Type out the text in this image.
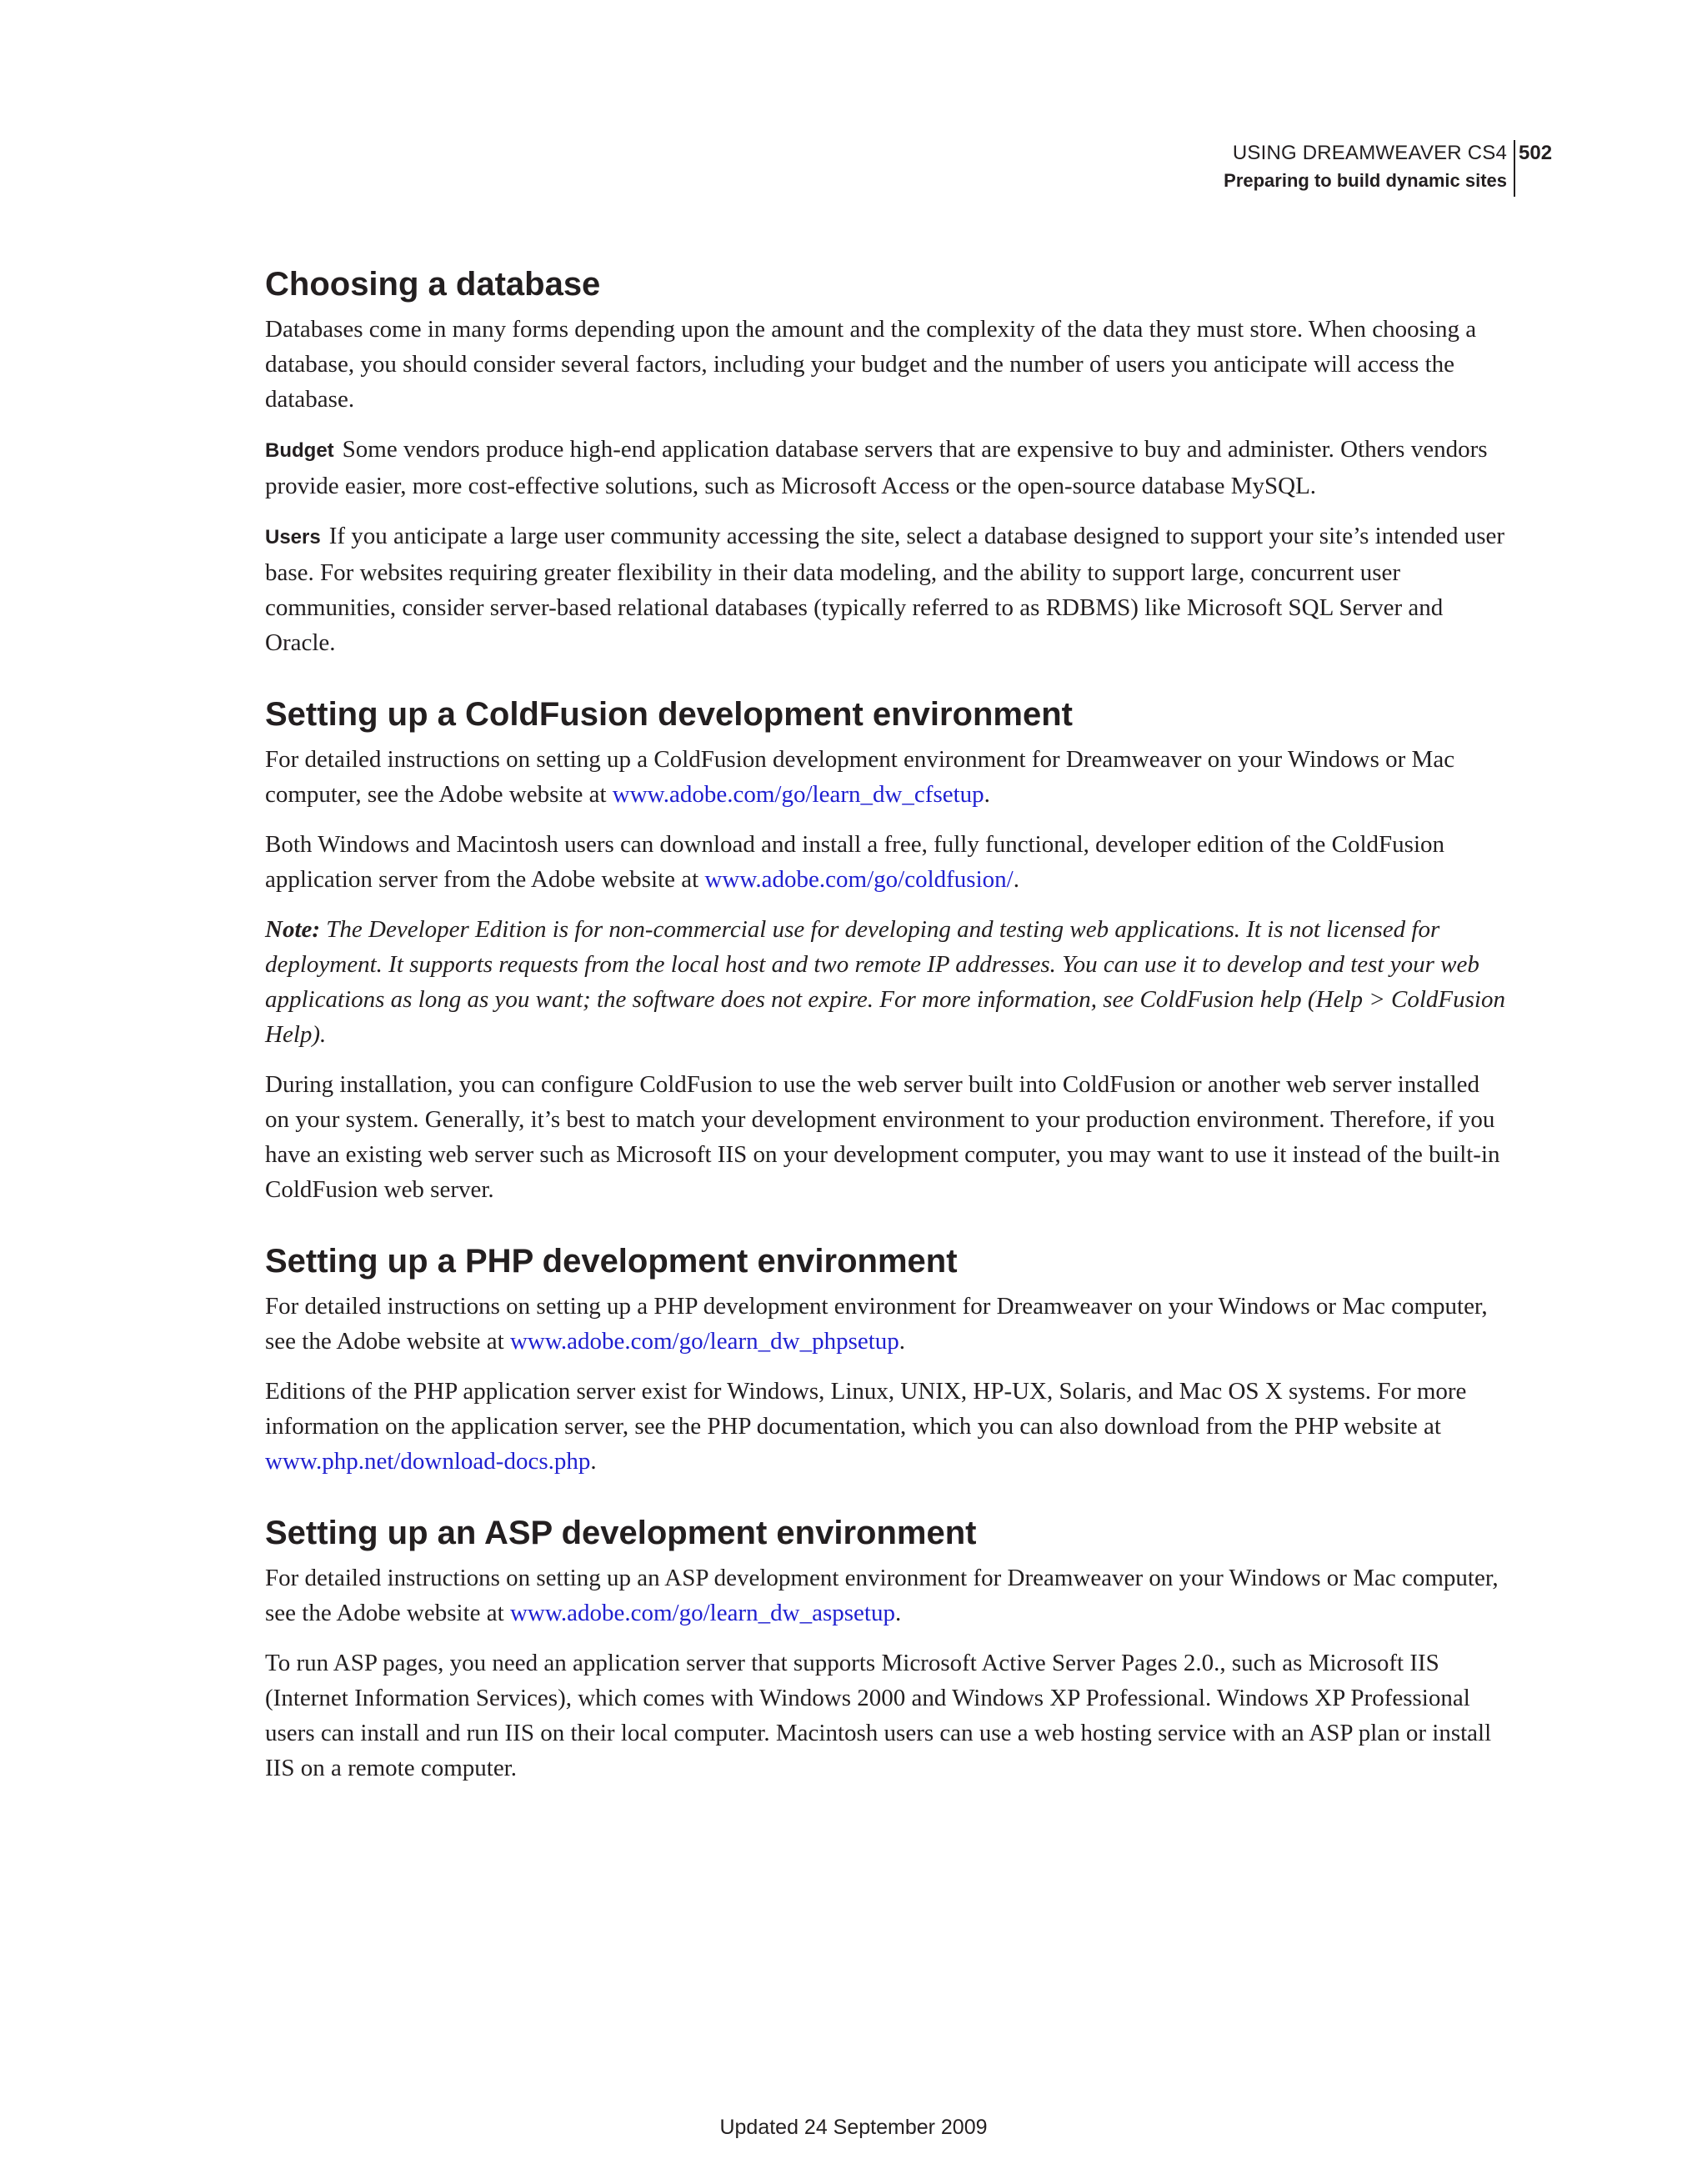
USING DREAMWEAVER CS4
Preparing to build dynamic sites
502
Choosing a database

Databases come in many forms depending upon the amount and the complexity of the data they must store. When choosing a database, you should consider several factors, including your budget and the number of users you anticipate will access the database.

Budget Some vendors produce high-end application database servers that are expensive to buy and administer. Others vendors provide easier, more cost-effective solutions, such as Microsoft Access or the open-source database MySQL.

Users If you anticipate a large user community accessing the site, select a database designed to support your site’s intended user base. For websites requiring greater flexibility in their data modeling, and the ability to support large, concurrent user communities, consider server-based relational databases (typically referred to as RDBMS) like Microsoft SQL Server and Oracle.

Setting up a ColdFusion development environment

For detailed instructions on setting up a ColdFusion development environment for Dreamweaver on your Windows or Mac computer, see the Adobe website at www.adobe.com/go/learn_dw_cfsetup.

Both Windows and Macintosh users can download and install a free, fully functional, developer edition of the ColdFusion application server from the Adobe website at www.adobe.com/go/coldfusion/.

Note: The Developer Edition is for non-commercial use for developing and testing web applications. It is not licensed for deployment. It supports requests from the local host and two remote IP addresses. You can use it to develop and test your web applications as long as you want; the software does not expire. For more information, see ColdFusion help (Help > ColdFusion Help).

During installation, you can configure ColdFusion to use the web server built into ColdFusion or another web server installed on your system. Generally, it’s best to match your development environment to your production environment. Therefore, if you have an existing web server such as Microsoft IIS on your development computer, you may want to use it instead of the built-in ColdFusion web server.

Setting up a PHP development environment

For detailed instructions on setting up a PHP development environment for Dreamweaver on your Windows or Mac computer, see the Adobe website at www.adobe.com/go/learn_dw_phpsetup.

Editions of the PHP application server exist for Windows, Linux, UNIX, HP-UX, Solaris, and Mac OS X systems. For more information on the application server, see the PHP documentation, which you can also download from the PHP website at www.php.net/download-docs.php.

Setting up an ASP development environment

For detailed instructions on setting up an ASP development environment for Dreamweaver on your Windows or Mac computer, see the Adobe website at www.adobe.com/go/learn_dw_aspsetup.

To run ASP pages, you need an application server that supports Microsoft Active Server Pages 2.0., such as Microsoft IIS (Internet Information Services), which comes with Windows 2000 and Windows XP Professional. Windows XP Professional users can install and run IIS on their local computer. Macintosh users can use a web hosting service with an ASP plan or install IIS on a remote computer.

Updated 24 September 2009
